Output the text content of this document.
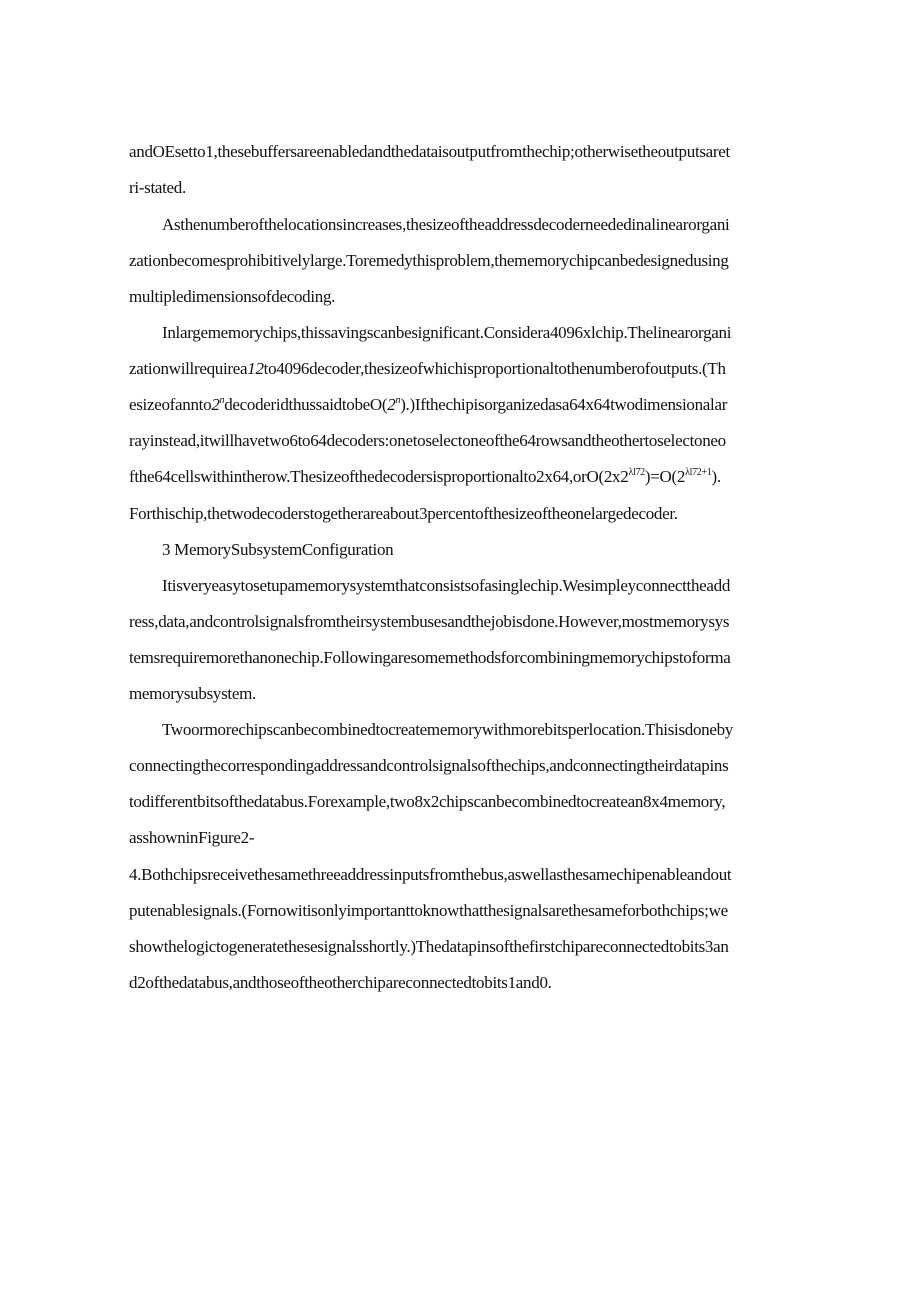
andOEsetto1,thesebuffersareenabledandthedataisoutputfromthechip;otherwisetheoutputsaret
ri-stated.
Asthenumberofthelocationsincreases,thesizeoftheaddressdecoderneededinalinearorgani
zationbecomesprohibitivelylarge.Toremedythisproblem,thememorychipcanbedesignedusing
multipledimensionsofdecoding.
Inlargememorychips,thissavingscanbesignificant.Considera4096xlchip.Thelinearorgani
zationwillrequirea12to4096decoder,thesizeofwhichisproportionaltothenumberofoutputs.(Th
esizeofannto2$^n$decoderidthussaidtobeO(2$^n$).)Ifthechipisorganizedasa64x64twodimensionalar
rayinstead,itwillhavetwo6to64decoders:onetoselectoneofthe64rowsandtheothertoselectoneo
$fthe64cellswithintherow.Thesizeofthedecodersisproportionalto2x64,orO(2x2^{\lambda l72})=O(2^{\lambda l72+1})$.
Forthischip,thetwodecoderstogetherareabout3percentofthesizeoftheonelargedecoder.
3 MemorySubsystemConfiguration
Itisveryeasytosetupamemorysystemthatconsistsofasinglechip.Wesimpleyconnecttheadd
ress,data,andcontrolsignalsfromtheirsystembusesandthejobisdone.However,mostmemorysys
temsrequiremorethanonechip.Followingaresomemethodsforcombiningmemorychipstoforma
memorysubsystem.
Twoormorechipscanbecombinedtocreatememorywithmorebitsperlocation.Thisisdoneby
connectingthecorrespondingaddressandcontrolsignalsofthechips,andconnectingtheirdatapins
todifferentbitsofthedatabus.Forexample,two8x2chipscanbecombinedtocreatean8x4memory,
asshowninFigure2-
4.Bothchipsreceivethesamethreeaddressinputsfromthebus,aswellasthesamechipenableandout
putenablesignals.(Fornowitisonlyimportanttoknowthatthesignalsarethesameforbothchips;we
showthelogictogeneratethesesignalsshortly.)Thedatapinsofthefirstchipareconnectedtobits3an
d2ofthedatabus,andthoseoftheotherchipareconnectedtobits1and0.
